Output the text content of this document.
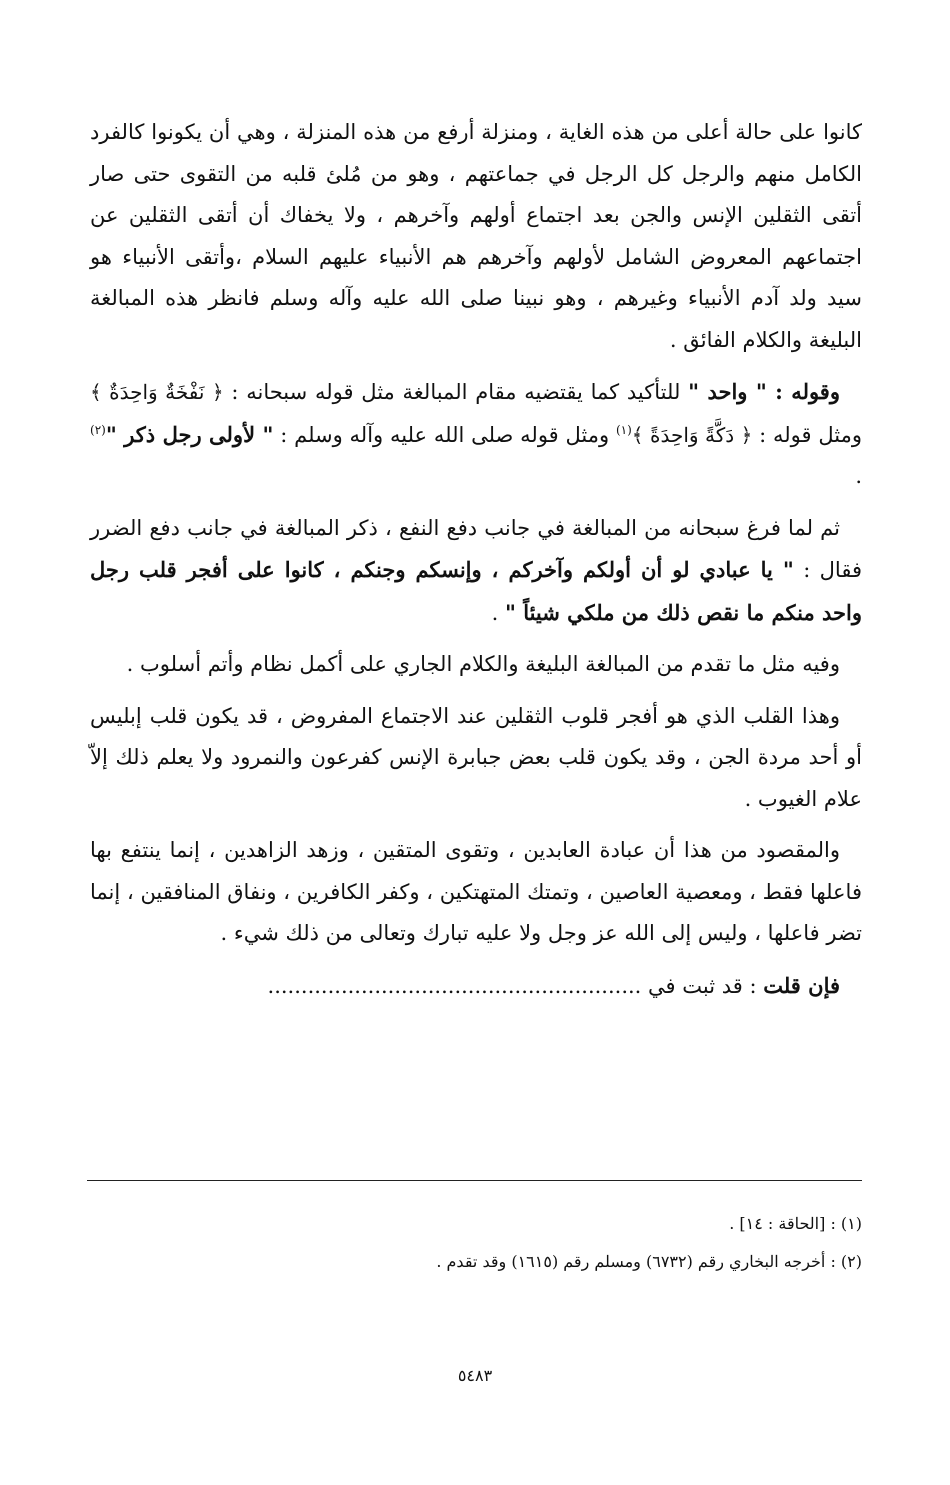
كانوا على حالة أعلى من هذه الغاية ، ومنزلة أرفع من هذه المنزلة ، وهي أن يكونوا كالفرد الكامل منهم والرجل كل الرجل في جماعتهم ، وهو من مُلئ قلبه من التقوى حتى صار أتقى الثقلين الإنس والجن بعد اجتماع أولهم وآخرهم ، ولا يخفاك أن أتقى الثقلين عن اجتماعهم المعروض الشامل لأولهم وآخرهم هم الأنبياء عليهم السلام ،وأتقى الأنبياء هو سيد ولد آدم الأنبياء وغيرهم ، وهو نبينا صلى الله عليه وآله وسلم فانظر هذه المبالغة البليغة والكلام الفائق .

وقوله : " واحد " للتأكيد كما يقتضيه مقام المبالغة مثل قوله سبحانه : ﴿ نَفْخَةٌ وَاحِدَةٌ ﴾ ومثل قوله : ﴿ دَكَّةً وَاحِدَةً ﴾$^{(١)}$ ومثل قوله صلى الله عليه وآله وسلم : " لأولى رجل ذكر "$^{(٢)}$ .

ثم لما فرغ سبحانه من المبالغة في جانب دفع النفع ، ذكر المبالغة في جانب دفع الضرر فقال : " يا عبادي لو أن أولكم وآخركم ، وإنسكم وجنكم ، كانوا على أفجر قلب رجل واحد منكم ما نقص ذلك من ملكي شيئاً " .

وفيه مثل ما تقدم من المبالغة البليغة والكلام الجاري على أكمل نظام وأتم أسلوب .

وهذا القلب الذي هو أفجر قلوب الثقلين عند الاجتماع المفروض ، قد يكون قلب إبليس أو أحد مردة الجن ، وقد يكون قلب بعض جبابرة الإنس كفرعون والنمرود ولا يعلم ذلك إلاّ علام الغيوب .

والمقصود من هذا أن عبادة العابدين ، وتقوى المتقين ، وزهد الزاهدين ، إنما ينتفع بها فاعلها فقط ، ومعصية العاصين ، وتمتك المتهتكين ، وكفر الكافرين ، ونفاق المنافقين ، إنما تضر فاعلها ، وليس إلى الله عز وجل ولا عليه تبارك وتعالى من ذلك شيء .

فإن قلت : قد ثبت في ........................................................

(١) : [الحاقة : ١٤] .
(٢) : أخرجه البخاري رقم (٦٧٣٢) ومسلم رقم (١٦١٥) وقد تقدم .
٥٤٨٣
